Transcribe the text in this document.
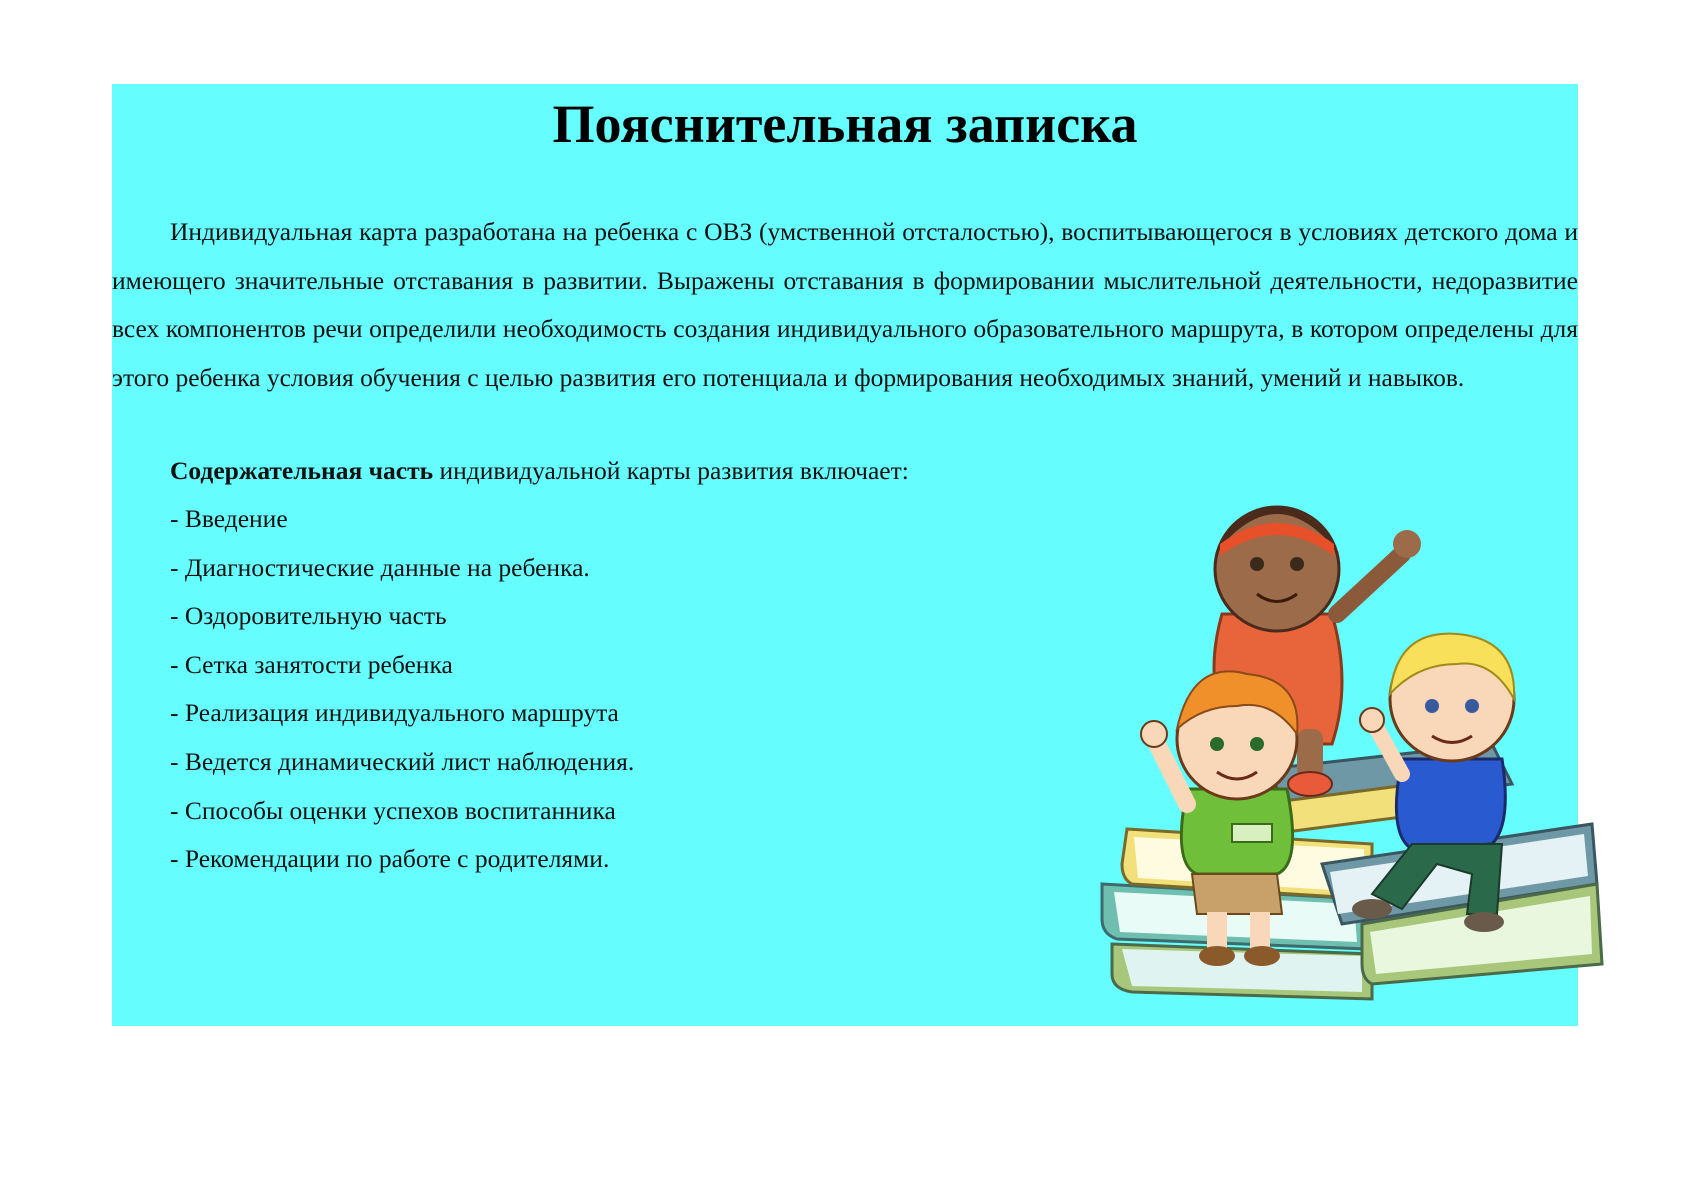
Пояснительная записка

Индивидуальная карта разработана на ребенка с ОВЗ (умственной отсталостью), воспитывающегося в условиях детского дома и имеющего значительные отставания в развитии. Выражены отставания в формировании мыслительной деятельности, недоразвитие всех компонентов речи определили необходимость создания индивидуального образовательного маршрута, в котором определены для этого ребенка условия обучения с целью развития его потенциала и формирования необходимых знаний, умений и навыков.

Содержательная часть индивидуальной карты развития включает:

- Введение
- Диагностические данные на ребенка.
- Оздоровительную часть
- Сетка занятости ребенка
- Реализация индивидуального маршрута
- Ведется динамический лист наблюдения.
- Способы оценки успехов воспитанника
- Рекомендации по работе с родителями.
